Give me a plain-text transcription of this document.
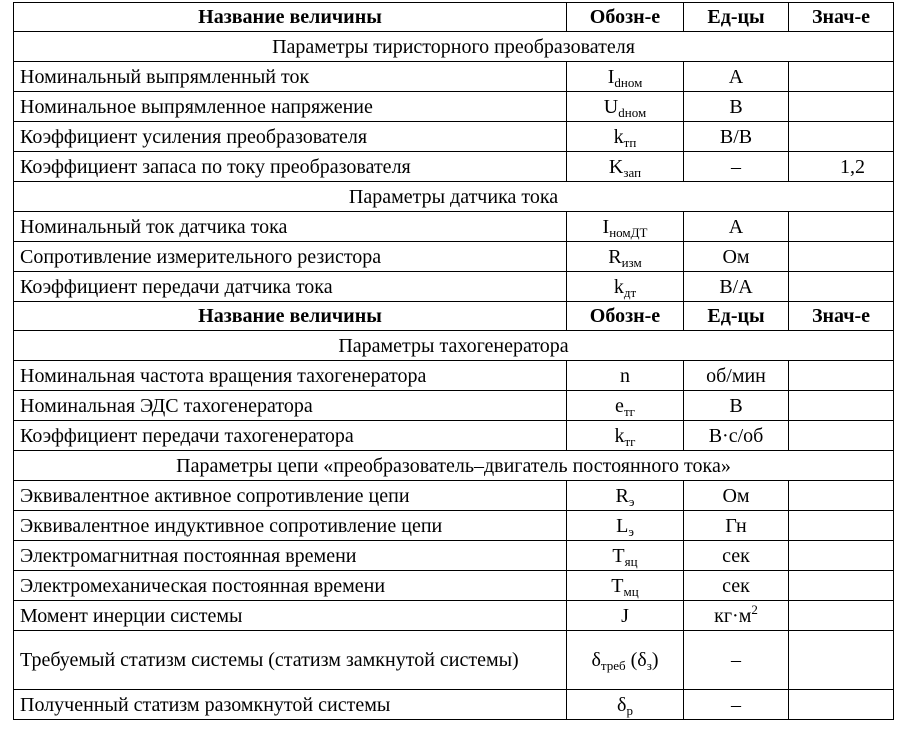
Название величины	Обозн-е	Ед-цы	Знач-е
Параметры тиристорного преобразователя			
Номинальный выпрямленный ток	$I_{dном}$	А	
Номинальное выпрямленное напряжение	$U_{dном}$	В	
Коэффициент усиления преобразователя	$k_{тп}$	В/В	
Коэффициент запаса по току преобразователя	$K_{зап}$	–	1,2
Параметры датчика тока			
Номинальный ток датчика тока	$I_{номДТ}$	А	
Сопротивление измерительного резистора	$R_{изм}$	Ом	
Коэффициент передачи датчика тока	$k_{дт}$	В/А	
Название величины	Обозн-е	Ед-цы	Знач-е
Параметры тахогенератора			
Номинальная частота вращения тахогенератора	n	об/мин	
Номинальная ЭДС тахогенератора	$e_{тг}$	В	
Коэффициент передачи тахогенератора	$k_{тг}$	В·с/об	
Параметры цепи «преобразователь–двигатель постоянного тока»			
Эквивалентное активное сопротивление цепи	$R_э$	Ом	
Эквивалентное индуктивное сопротивление цепи	$L_э$	Гн	
Электромагнитная постоянная времени	$T_{яц}$	сек	
Электромеханическая постоянная времени	$T_{мц}$	сек	
Момент инерции системы	J	$кг\cdot м^2$	
Требуемый статизм системы (статизм замкнутой системы)	$\delta_{треб}$ $(\delta_з)$	–	
Полученный статизм разомкнутой системы	$\delta_р$	–	
